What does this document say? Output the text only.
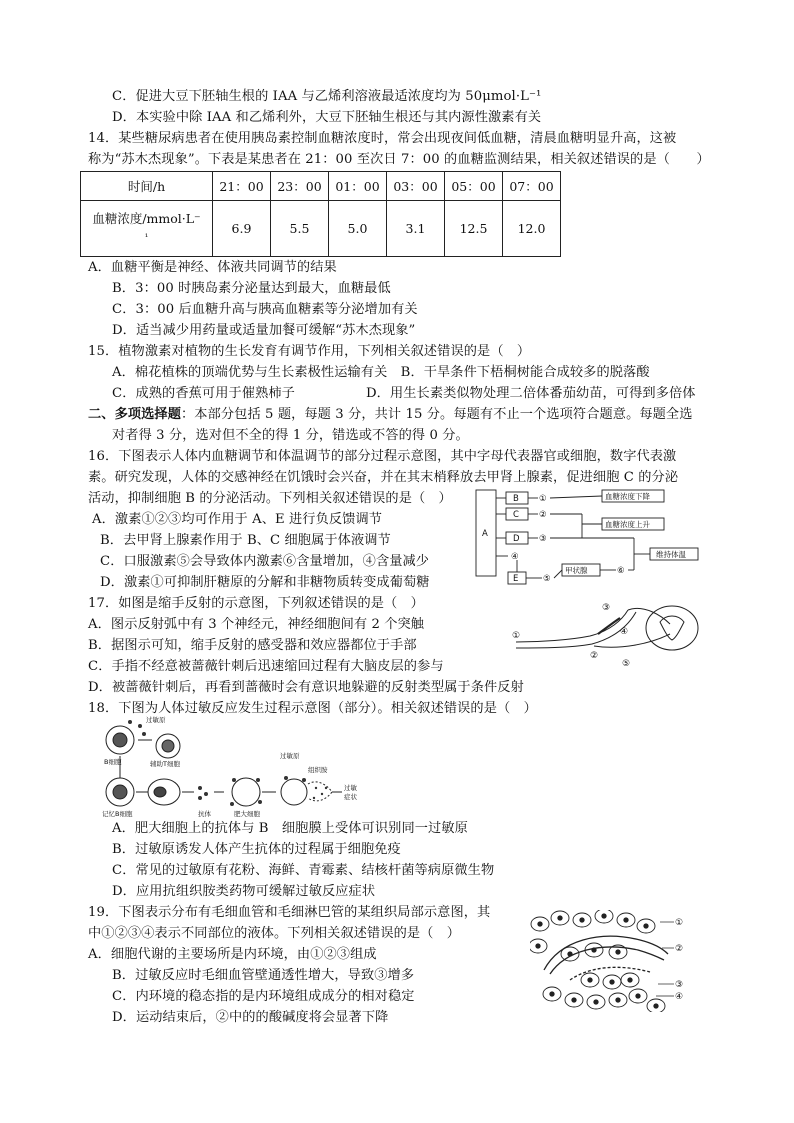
C．促进大豆下胚轴生根的 IAA 与乙烯利溶液最适浓度均为 50μmol·L⁻¹
D．本实验中除 IAA 和乙烯利外，大豆下胚轴生根还与其内源性激素有关
14．某些糖尿病患者在使用胰岛素控制血糖浓度时，常会出现夜间低血糖，清晨血糖明显升高，这被
称为“苏木杰现象”。下表是某患者在 21：00 至次日 7：00 的血糖监测结果，相关叙述错误的是（　　）
时间/h	21：00	23：00	01：00	03：00	05：00	07：00
血糖浓度/mmol·L⁻
¹	6.9	5.5	5.0	3.1	12.5	12.0
A．血糖平衡是神经、体液共同调节的结果
B．3：00 时胰岛素分泌量达到最大，血糖最低
C．3：00 后血糖升高与胰高血糖素等分泌增加有关
D．适当减少用药量或适量加餐可缓解“苏木杰现象”
15．植物激素对植物的生长发育有调节作用，下列相关叙述错误的是（　）
A．棉花植株的顶端优势与生长素极性运输有关　B．干旱条件下梧桐树能合成较多的脱落酸
C．成熟的香蕉可用于催熟柿子	D．用生长素类似物处理二倍体番茄幼苗，可得到多倍体
二、多项选择题：本部分包括 5 题，每题 3 分，共计 15 分。每题有不止一个选项符合题意。每题全选
对者得 3 分，选对但不全的得 1 分，错选或不答的得 0 分。
16．下图表示人体内血糖调节和体温调节的部分过程示意图，其中字母代表器官或细胞，数字代表激
素。研究发现，人体的交感神经在饥饿时会兴奋，并在其末梢释放去甲肾上腺素，促进细胞 C 的分泌
活动，抑制细胞 B 的分泌活动。下列相关叙述错误的是（　）
A．激素①②③均可作用于 A、E 进行负反馈调节
B．去甲肾上腺素作用于 B、C 细胞属于体液调节
C．口服激素⑤会导致体内激素⑥含量增加，④含量减少
D．激素①可抑制肝糖原的分解和非糖物质转变成葡萄糖
A
B
C
D
E
①
②
③
④
⑤
⑥
甲状腺
血糖浓度下降
血糖浓度上升
维持体温
17．如图是缩手反射的示意图，下列叙述错误的是（　）
A．图示反射弧中有 3 个神经元，神经细胞间有 2 个突触
B．据图示可知，缩手反射的感受器和效应器都位于手部
C．手指不经意被蔷薇针刺后迅速缩回过程有大脑皮层的参与
D．被蔷薇针刺后，再看到蔷薇时会有意识地躲避的反射类型属于条件反射
①
②
③
④
⑤
18．下图为人体过敏反应发生过程示意图（部分）。相关叙述错误的是（　）
过敏原
B细胞	辅助T细胞
记忆B细胞	抗体	肥大细胞
过敏原
组织胺
过敏
症状
A．肥大细胞上的抗体与 B　细胞膜上受体可识别同一过敏原
B．过敏原诱发人体产生抗体的过程属于细胞免疫
C．常见的过敏原有花粉、海鲜、青霉素、结核杆菌等病原微生物
D．应用抗组织胺类药物可缓解过敏反应症状
19．下图表示分布有毛细血管和毛细淋巴管的某组织局部示意图，其
中①②③④表示不同部位的液体。下列相关叙述错误的是（　）
A．细胞代谢的主要场所是内环境，由①②③组成
B．过敏反应时毛细血管壁通透性增大，导致③增多
C．内环境的稳态指的是内环境组成成分的相对稳定
D．运动结束后，②中的的酸碱度将会显著下降
①
②
③
④
